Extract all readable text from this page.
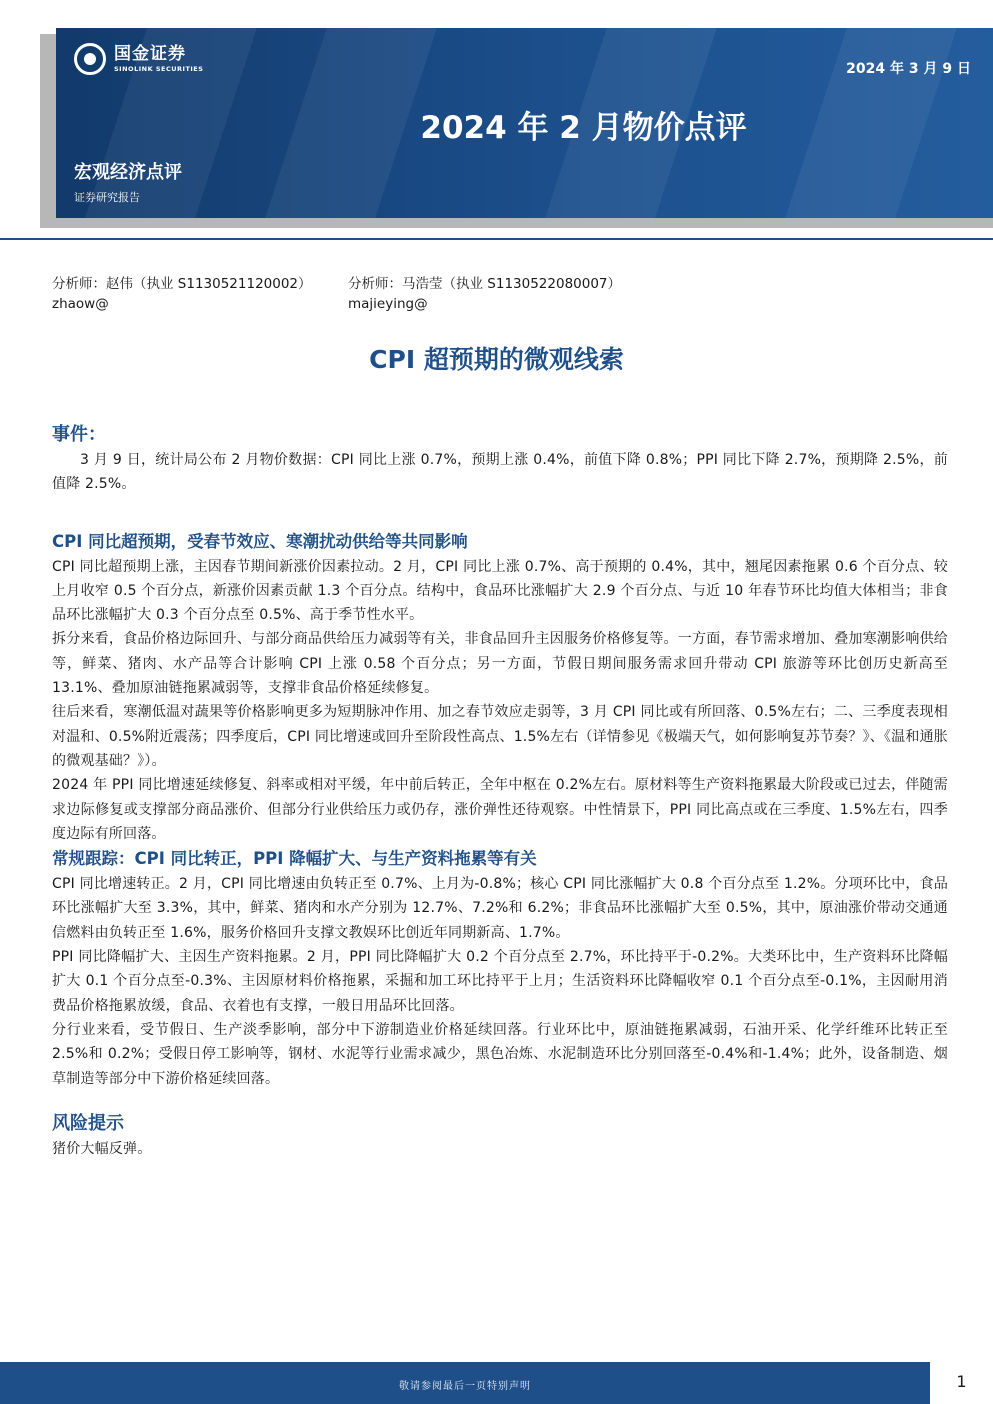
国金证券
SINOLINK SECURITIES	2024 年 3 月 9 日
2024 年 2 月物价点评
宏观经济点评
证券研究报告
分析师：赵伟（执业 S1130521120002）
zhaow@
分析师：马浩莹（执业 S1130522080007）
majieying@
CPI 超预期的微观线索
事件：

3 月 9 日，统计局公布 2 月物价数据：CPI 同比上涨 0.7%，预期上涨 0.4%，前值下降 0.8%；PPI 同比下降 2.7%，预期降 2.5%，前值降 2.5%。

CPI 同比超预期，受春节效应、寒潮扰动供给等共同影响

CPI 同比超预期上涨，主因春节期间新涨价因素拉动。2 月，CPI 同比上涨 0.7%、高于预期的 0.4%，其中，翘尾因素拖累 0.6 个百分点、较上月收窄 0.5 个百分点，新涨价因素贡献 1.3 个百分点。结构中，食品环比涨幅扩大 2.9 个百分点、与近 10 年春节环比均值大体相当；非食品环比涨幅扩大 0.3 个百分点至 0.5%、高于季节性水平。

拆分来看，食品价格边际回升、与部分商品供给压力减弱等有关，非食品回升主因服务价格修复等。一方面，春节需求增加、叠加寒潮影响供给等，鲜菜、猪肉、水产品等合计影响 CPI 上涨 0.58 个百分点；另一方面，节假日期间服务需求回升带动 CPI 旅游等环比创历史新高至 13.1%、叠加原油链拖累减弱等，支撑非食品价格延续修复。

往后来看，寒潮低温对蔬果等价格影响更多为短期脉冲作用、加之春节效应走弱等，3 月 CPI 同比或有所回落、0.5%左右；二、三季度表现相对温和、0.5%附近震荡；四季度后，CPI 同比增速或回升至阶段性高点、1.5%左右（详情参见《极端天气，如何影响复苏节奏？》、《温和通胀的微观基础？》）。

2024 年 PPI 同比增速延续修复、斜率或相对平缓，年中前后转正，全年中枢在 0.2%左右。原材料等生产资料拖累最大阶段或已过去，伴随需求边际修复或支撑部分商品涨价、但部分行业供给压力或仍存，涨价弹性还待观察。中性情景下，PPI 同比高点或在三季度、1.5%左右，四季度边际有所回落。

常规跟踪：CPI 同比转正，PPI 降幅扩大、与生产资料拖累等有关

CPI 同比增速转正。2 月，CPI 同比增速由负转正至 0.7%、上月为-0.8%；核心 CPI 同比涨幅扩大 0.8 个百分点至 1.2%。分项环比中，食品环比涨幅扩大至 3.3%，其中，鲜菜、猪肉和水产分别为 12.7%、7.2%和 6.2%；非食品环比涨幅扩大至 0.5%，其中，原油涨价带动交通通信燃料由负转正至 1.6%，服务价格回升支撑文教娱环比创近年同期新高、1.7%。

PPI 同比降幅扩大、主因生产资料拖累。2 月，PPI 同比降幅扩大 0.2 个百分点至 2.7%，环比持平于-0.2%。大类环比中，生产资料环比降幅扩大 0.1 个百分点至-0.3%、主因原材料价格拖累，采掘和加工环比持平于上月；生活资料环比降幅收窄 0.1 个百分点至-0.1%，主因耐用消费品价格拖累放缓，食品、衣着也有支撑，一般日用品环比回落。

分行业来看，受节假日、生产淡季影响，部分中下游制造业价格延续回落。行业环比中，原油链拖累减弱，石油开采、化学纤维环比转正至 2.5%和 0.2%；受假日停工影响等，钢材、水泥等行业需求减少，黑色冶炼、水泥制造环比分别回落至-0.4%和-1.4%；此外，设备制造、烟草制造等部分中下游价格延续回落。

风险提示

猪价大幅反弹。

敬请参阅最后一页特别声明	1
